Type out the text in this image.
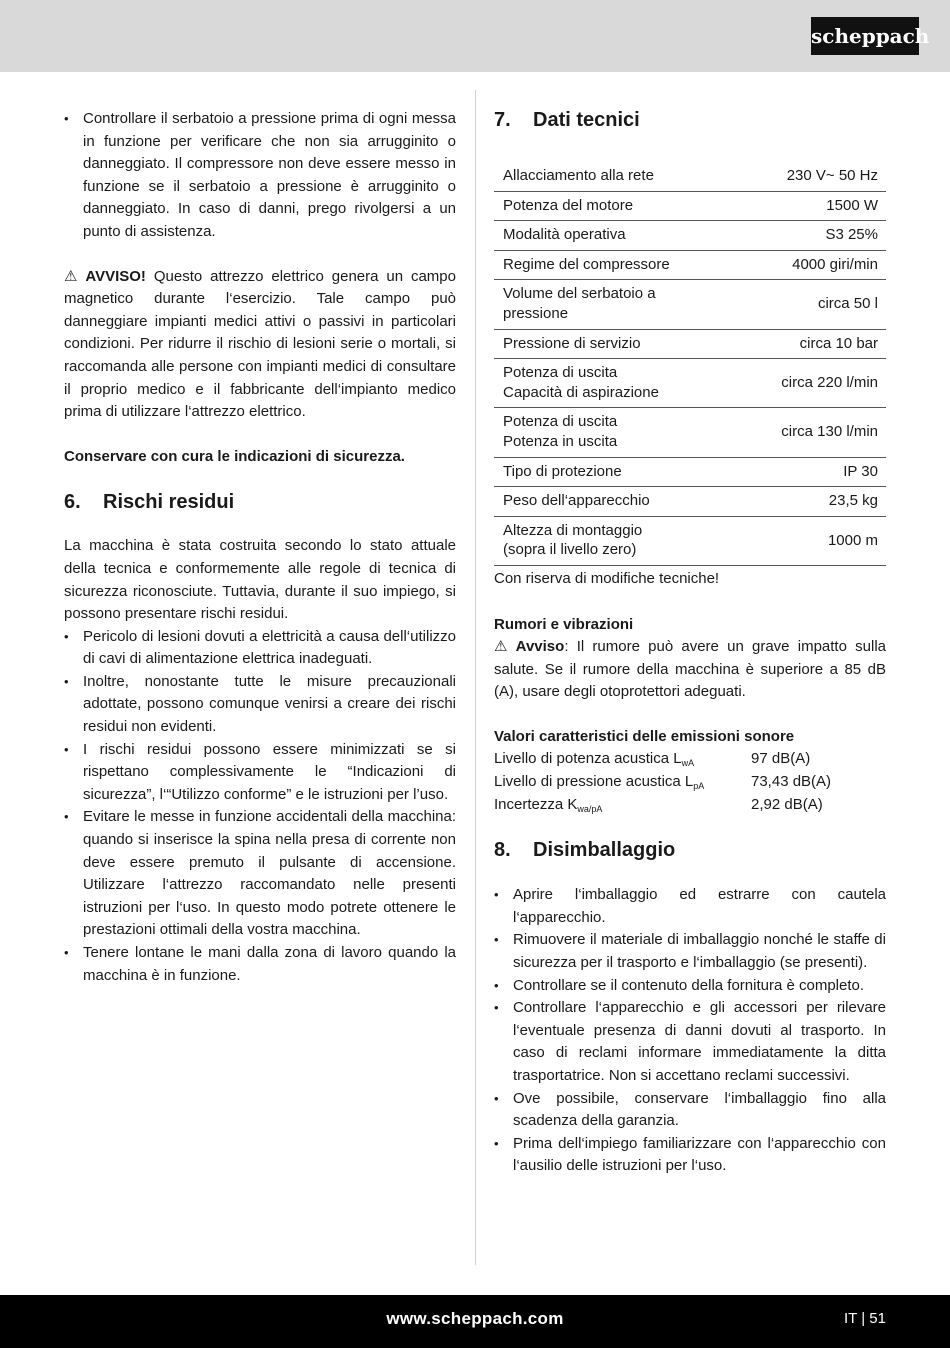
scheppach
• Controllare il serbatoio a pressione prima di ogni messa in funzione per verificare che non sia arrugginito o danneggiato. Il compressore non deve essere messo in funzione se il serbatoio a pressione è arrugginito o danneggiato. In caso di danni, prego rivolgersi a un punto di assistenza.

⚠ AVVISO! Questo attrezzo elettrico genera un campo magnetico durante l‘esercizio. Tale campo può danneggiare impianti medici attivi o passivi in particolari condizioni. Per ridurre il rischio di lesioni serie o mortali, si raccomanda alle persone con impianti medici di consultare il proprio medico e il fabbricante dell‘impianto medico prima di utilizzare l‘attrezzo elettrico.

Conservare con cura le indicazioni di sicurezza.

6.	Rischi residui

La macchina è stata costruita secondo lo stato attuale della tecnica e conformemente alle regole di tecnica di sicurezza riconosciute. Tuttavia, durante il suo impiego, si possono presentare rischi residui.

• Pericolo di lesioni dovuti a elettricità a causa dell‘utilizzo di cavi di alimentazione elettrica inadeguati.
• Inoltre, nonostante tutte le misure precauzionali adottate, possono comunque venirsi a creare dei rischi residui non evidenti.
• I rischi residui possono essere minimizzati se si rispettano complessivamente le “Indicazioni di sicurezza”, l‘“Utilizzo conforme” e le istruzioni per l’uso.
• Evitare le messe in funzione accidentali della macchina: quando si inserisce la spina nella presa di corrente non deve essere premuto il pulsante di accensione. Utilizzare l‘attrezzo raccomandato nelle presenti istruzioni per l‘uso. In questo modo potrete ottenere le prestazioni ottimali della vostra macchina.
• Tenere lontane le mani dalla zona di lavoro quando la macchina è in funzione.
7.	Dati tecnici
Allacciamento alla rete	230 V~ 50 Hz
Potenza del motore	1500 W
Modalità operativa	S3 25%
Regime del compressore	4000 giri/min
Volume del serbatoio a pressione	circa 50 l
Pressione di servizio	circa 10 bar
Potenza di uscita Capacità di aspirazione	circa 220 l/min
Potenza di uscita Potenza in uscita	circa 130 l/min
Tipo di protezione	IP 30
Peso dell‘apparecchio	23,5 kg
Altezza di montaggio (sopra il livello zero)	1000 m

Con riserva di modifiche tecniche!

Rumori e vibrazioni

⚠ Avviso: Il rumore può avere un grave impatto sulla salute. Se il rumore della macchina è superiore a 85 dB (A), usare degli otoprotettori adeguati.

Valori caratteristici delle emissioni sonore

Livello di potenza acustica $L_{wA}$	97 dB(A)
Livello di pressione acustica $L_{pA}$	73,43 dB(A)
Incertezza $K_{wa/pA}$	2,92 dB(A)
8.	Disimballaggio
• Aprire l‘imballaggio ed estrarre con cautela l‘apparecchio.
• Rimuovere il materiale di imballaggio nonché le staffe di sicurezza per il trasporto e l‘imballaggio (se presenti).
• Controllare se il contenuto della fornitura è completo.
• Controllare l‘apparecchio e gli accessori per rilevare l‘eventuale presenza di danni dovuti al trasporto. In caso di reclami informare immediatamente la ditta trasportatrice. Non si accettano reclami successivi.
• Ove possibile, conservare l‘imballaggio fino alla scadenza della garanzia.
• Prima dell‘impiego familiarizzare con l‘apparecchio con l‘ausilio delle istruzioni per l‘uso.
www.scheppach.com	IT | 51
